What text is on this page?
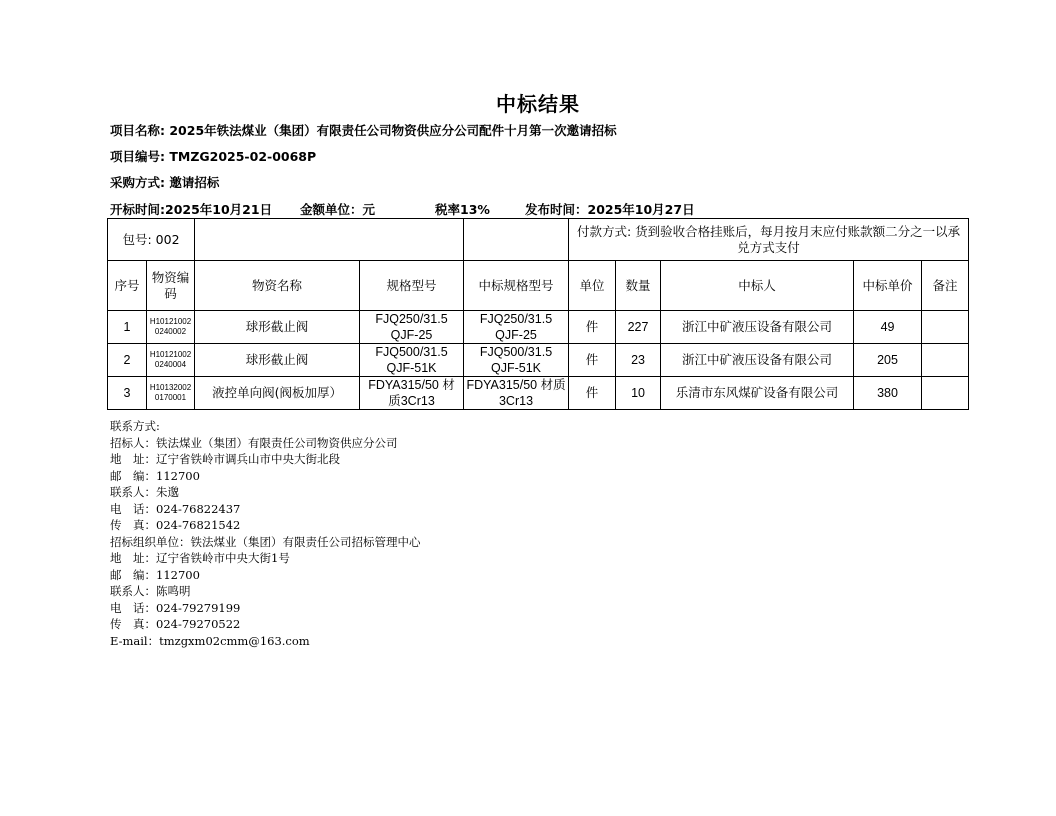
中标结果
项目名称: 2025年铁法煤业（集团）有限责任公司物资供应分公司配件十月第一次邀请招标
项目编号: TMZG2025-02-0068P
采购方式: 邀请招标
开标时间:2025年10月21日 金额单位：元	税率13%	发布时间：2025年10月27日
包号: 002					付款方式: 货到验收合格挂账后，每月按月末应付账款额二分之一以承兑方式支付				
序号	物资编码	物资名称	规格型号	中标规格型号	单位	数量	中标人	中标单价	备注
1	H101210020240002	球形截止阀	FJQ250/31.5 QJF-25	FJQ250/31.5 QJF-25	件	227	浙江中矿液压设备有限公司	49	
2	H101210020240004	球形截止阀	FJQ500/31.5 QJF-51K	FJQ500/31.5 QJF-51K	件	23	浙江中矿液压设备有限公司	205	
3	H101320020170001	液控单向阀(阀板加厚）	FDYA315/50 材质3Cr13	FDYA315/50 材质3Cr13	件	10	乐清市东风煤矿设备有限公司	380	
联系方式:
招标人：铁法煤业（集团）有限责任公司物资供应分公司
地　址：辽宁省铁岭市调兵山市中央大街北段
邮　编：112700
联系人：朱邈
电　话：024-76822437
传　真：024-76821542
招标组织单位：铁法煤业（集团）有限责任公司招标管理中心
地　址：辽宁省铁岭市中央大街1号
邮　编：112700
联系人：陈鸣明
电　话：024-79279199
传　真：024-79270522
E-mail：tmzgxm02cmm@163.com
